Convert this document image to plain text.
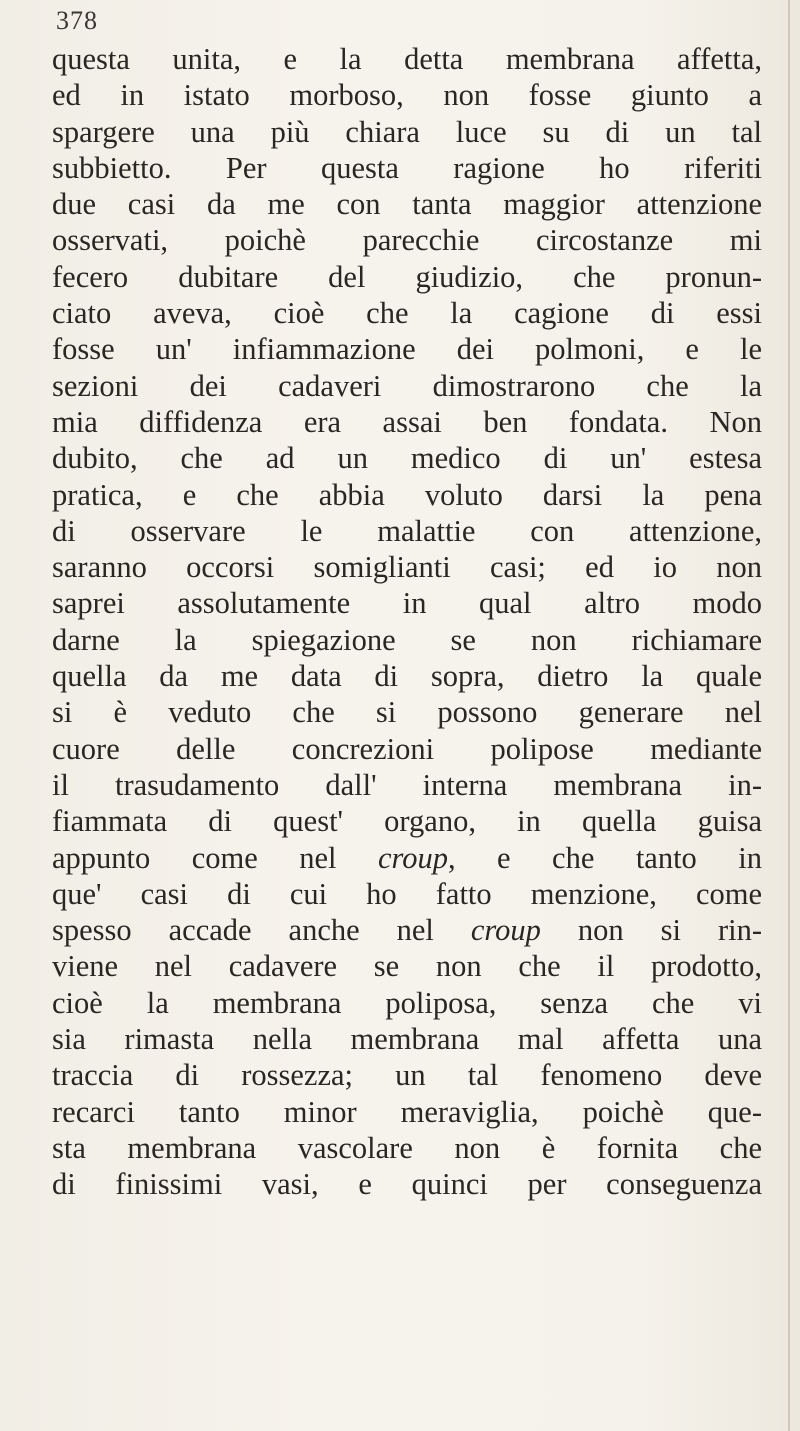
378
questa unita, e la detta membrana affetta,
ed in istato morboso, non fosse giunto a
spargere una più chiara luce su di un tal
subbietto. Per questa ragione ho riferiti
due casi da me con tanta maggior attenzione
osservati, poichè parecchie circostanze mi
fecero dubitare del giudizio, che pronun-
ciato aveva, cioè che la cagione di essi
fosse un' infiammazione dei polmoni, e le
sezioni dei cadaveri dimostrarono che la
mia diffidenza era assai ben fondata. Non
dubito, che ad un medico di un' estesa
pratica, e che abbia voluto darsi la pena
di osservare le malattie con attenzione,
saranno occorsi somiglianti casi; ed io non
saprei assolutamente in qual altro modo
darne la spiegazione se non richiamare
quella da me data di sopra, dietro la quale
si è veduto che si possono generare nel
cuore delle concrezioni polipose mediante
il trasudamento dall' interna membrana in-
fiammata di quest' organo, in quella guisa
appunto come nel croup, e che tanto in
que' casi di cui ho fatto menzione, come
spesso accade anche nel croup non si rin-
viene nel cadavere se non che il prodotto,
cioè la membrana poliposa, senza che vi
sia rimasta nella membrana mal affetta una
traccia di rossezza; un tal fenomeno deve
recarci tanto minor meraviglia, poichè que-
sta membrana vascolare non è fornita che
di finissimi vasi, e quinci per conseguenza
